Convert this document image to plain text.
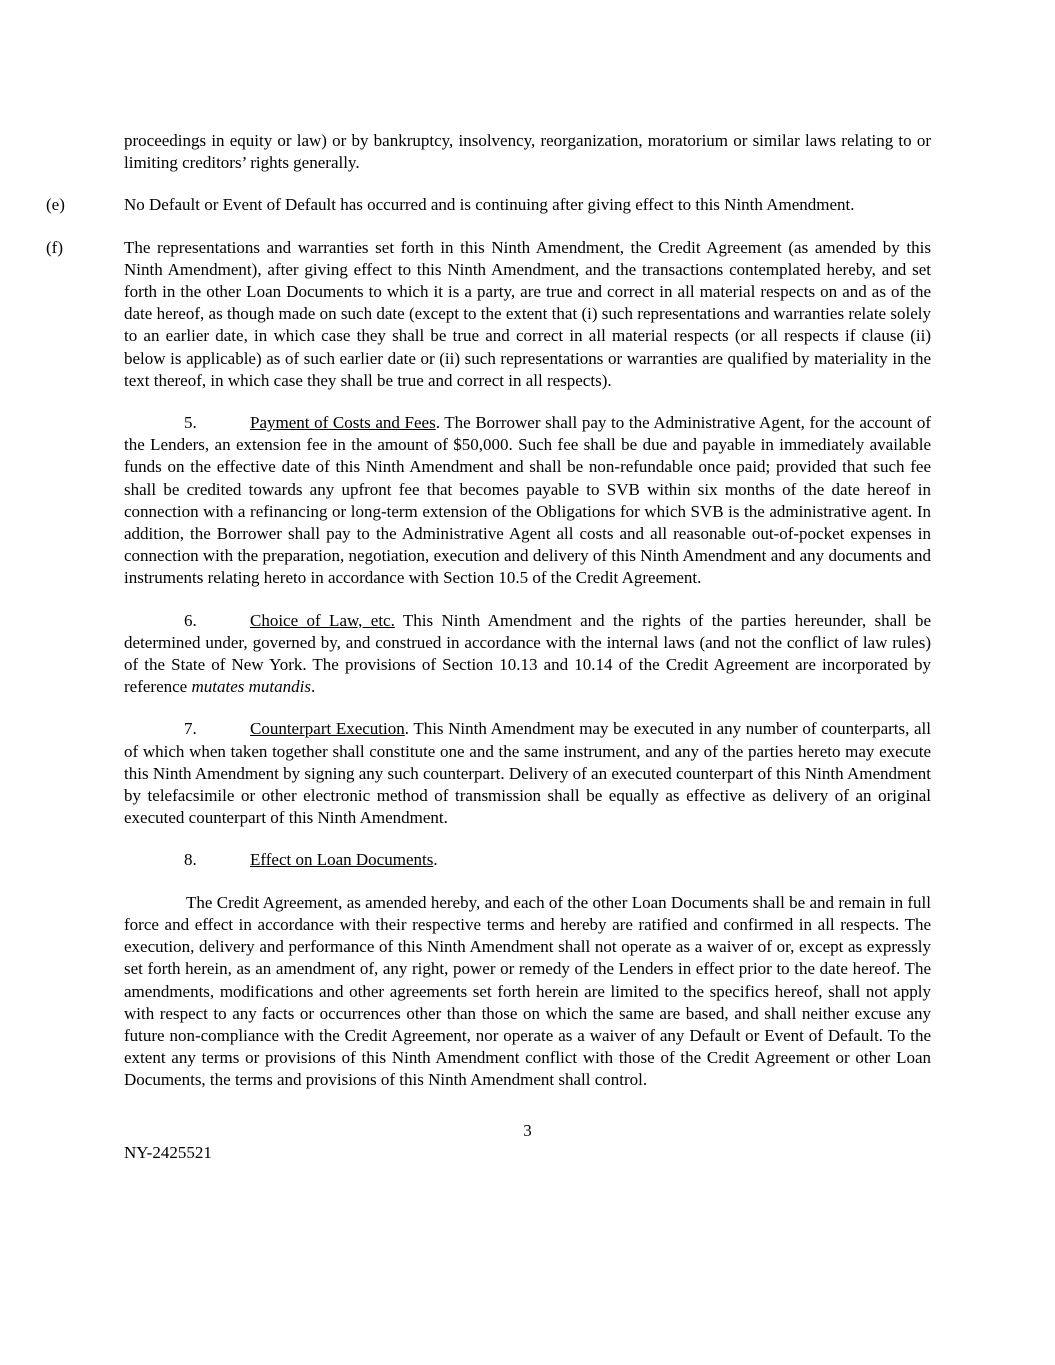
proceedings in equity or law) or by bankruptcy, insolvency, reorganization, moratorium or similar laws relating to or limiting creditors’ rights generally.

(e)	No Default or Event of Default has occurred and is continuing after giving effect to this Ninth Amendment.

(f)	The representations and warranties set forth in this Ninth Amendment, the Credit Agreement (as amended by this Ninth Amendment), after giving effect to this Ninth Amendment, and the transactions contemplated hereby, and set forth in the other Loan Documents to which it is a party, are true and correct in all material respects on and as of the date hereof, as though made on such date (except to the extent that (i) such representations and warranties relate solely to an earlier date, in which case they shall be true and correct in all material respects (or all respects if clause (ii) below is applicable) as of such earlier date or (ii) such representations or warranties are qualified by materiality in the text thereof, in which case they shall be true and correct in all respects).

5.	Payment of Costs and Fees. The Borrower shall pay to the Administrative Agent, for the account of the Lenders, an extension fee in the amount of $50,000. Such fee shall be due and payable in immediately available funds on the effective date of this Ninth Amendment and shall be non-refundable once paid; provided that such fee shall be credited towards any upfront fee that becomes payable to SVB within six months of the date hereof in connection with a refinancing or long-term extension of the Obligations for which SVB is the administrative agent. In addition, the Borrower shall pay to the Administrative Agent all costs and all reasonable out-of-pocket expenses in connection with the preparation, negotiation, execution and delivery of this Ninth Amendment and any documents and instruments relating hereto in accordance with Section 10.5 of the Credit Agreement.

6.	Choice of Law, etc. This Ninth Amendment and the rights of the parties hereunder, shall be determined under, governed by, and construed in accordance with the internal laws (and not the conflict of law rules) of the State of New York. The provisions of Section 10.13 and 10.14 of the Credit Agreement are incorporated by reference mutates mutandis.

7.	Counterpart Execution. This Ninth Amendment may be executed in any number of counterparts, all of which when taken together shall constitute one and the same instrument, and any of the parties hereto may execute this Ninth Amendment by signing any such counterpart. Delivery of an executed counterpart of this Ninth Amendment by telefacsimile or other electronic method of transmission shall be equally as effective as delivery of an original executed counterpart of this Ninth Amendment.

8.	Effect on Loan Documents.

The Credit Agreement, as amended hereby, and each of the other Loan Documents shall be and remain in full force and effect in accordance with their respective terms and hereby are ratified and confirmed in all respects. The execution, delivery and performance of this Ninth Amendment shall not operate as a waiver of or, except as expressly set forth herein, as an amendment of, any right, power or remedy of the Lenders in effect prior to the date hereof. The amendments, modifications and other agreements set forth herein are limited to the specifics hereof, shall not apply with respect to any facts or occurrences other than those on which the same are based, and shall neither excuse any future non-compliance with the Credit Agreement, nor operate as a waiver of any Default or Event of Default. To the extent any terms or provisions of this Ninth Amendment conflict with those of the Credit Agreement or other Loan Documents, the terms and provisions of this Ninth Amendment shall control.

3

NY-2425521
